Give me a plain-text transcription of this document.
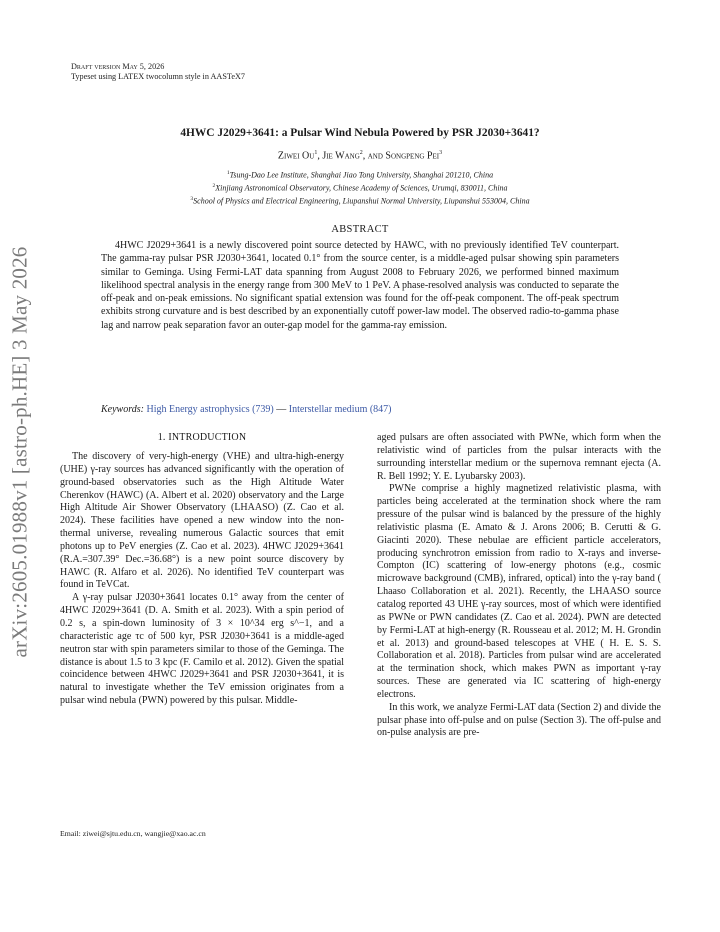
arXiv:2605.01988v1 [astro-ph.HE] 3 May 2026
Draft version May 5, 2026
Typeset using LATEX twocolumn style in AASTeX7
4HWC J2029+3641: a Pulsar Wind Nebula Powered by PSR J2030+3641?
Ziwei Ou$^1$, Jie Wang$^2$, and Songpeng Pei$^3$
$^1$Tsung-Dao Lee Institute, Shanghai Jiao Tong University, Shanghai 201210, China
$^2$Xinjiang Astronomical Observatory, Chinese Academy of Sciences, Urumqi, 830011, China
$^3$School of Physics and Electrical Engineering, Liupanshui Normal University, Liupanshui 553004, China
ABSTRACT
4HWC J2029+3641 is a newly discovered point source detected by HAWC, with no previously identified TeV counterpart. The gamma-ray pulsar PSR J2030+3641, located 0.1° from the source center, is a middle-aged pulsar showing spin parameters similar to Geminga. Using Fermi-LAT data spanning from August 2008 to February 2026, we performed binned maximum likelihood spectral analysis in the energy range from 300 MeV to 1 PeV. A phase-resolved analysis was conducted to separate the off-peak and on-peak emissions. No significant spatial extension was found for the off-peak component. The off-peak spectrum exhibits strong curvature and is best described by an exponentially cutoff power-law model. The observed radio-to-gamma phase lag and narrow peak separation favor an outer-gap model for the gamma-ray emission.
Keywords: High Energy astrophysics (739) — Interstellar medium (847)
1. INTRODUCTION

The discovery of very-high-energy (VHE) and ultra-high-energy (UHE) γ-ray sources has advanced significantly with the operation of ground-based observatories such as the High Altitude Water Cherenkov (HAWC) (A. Albert et al. 2020) observatory and the Large High Altitude Air Shower Observatory (LHAASO) (Z. Cao et al. 2024). These facilities have opened a new window into the non-thermal universe, revealing numerous Galactic sources that emit photons up to PeV energies (Z. Cao et al. 2023). 4HWC J2029+3641 (R.A.=307.39° Dec.=36.68°) is a new point source discovery by HAWC (R. Alfaro et al. 2026). No identified TeV counterpart was found in TeVCat.

A γ-ray pulsar J2030+3641 locates 0.1° away from the center of 4HWC J2029+3641 (D. A. Smith et al. 2023). With a spin period of 0.2 s, a spin-down luminosity of 3 × 10^34 erg s^−1, and a characteristic age τc of 500 kyr, PSR J2030+3641 is a middle-aged neutron star with spin parameters similar to those of the Geminga. The distance is about 1.5 to 3 kpc (F. Camilo et al. 2012). Given the spatial coincidence between 4HWC J2029+3641 and PSR J2030+3641, it is natural to investigate whether the TeV emission originates from a pulsar wind nebula (PWN) powered by this pulsar. Middle-

aged pulsars are often associated with PWNe, which form when the relativistic wind of particles from the pulsar interacts with the surrounding interstellar medium or the supernova remnant ejecta (A. R. Bell 1992; Y. E. Lyubarsky 2003).

PWNe comprise a highly magnetized relativistic plasma, with particles being accelerated at the termination shock where the ram pressure of the pulsar wind is balanced by the pressure of the highly relativistic plasma (E. Amato & J. Arons 2006; B. Cerutti & G. Giacinti 2020). These nebulae are efficient particle accelerators, producing synchrotron emission from radio to X-rays and inverse-Compton (IC) scattering of low-energy photons (e.g., cosmic microwave background (CMB), infrared, optical) into the γ-ray band ( Lhaaso Collaboration et al. 2021). Recently, the LHAASO source catalog reported 43 UHE γ-ray sources, most of which were identified as PWNe or PWN candidates (Z. Cao et al. 2024). PWN are detected by Fermi-LAT at high-energy (R. Rousseau et al. 2012; M. H. Grondin et al. 2013) and ground-based telescopes at VHE ( H. E. S. S. Collaboration et al. 2018). Particles from pulsar wind are accelerated at the termination shock, which makes PWN as important γ-ray sources. These are generated via IC scattering of high-energy electrons.

In this work, we analyze Fermi-LAT data (Section 2) and divide the pulsar phase into off-pulse and on pulse (Section 3). The off-pulse and on-pulse analysis are pre-

Email: ziwei@sjtu.edu.cn, wangjie@xao.ac.cn
